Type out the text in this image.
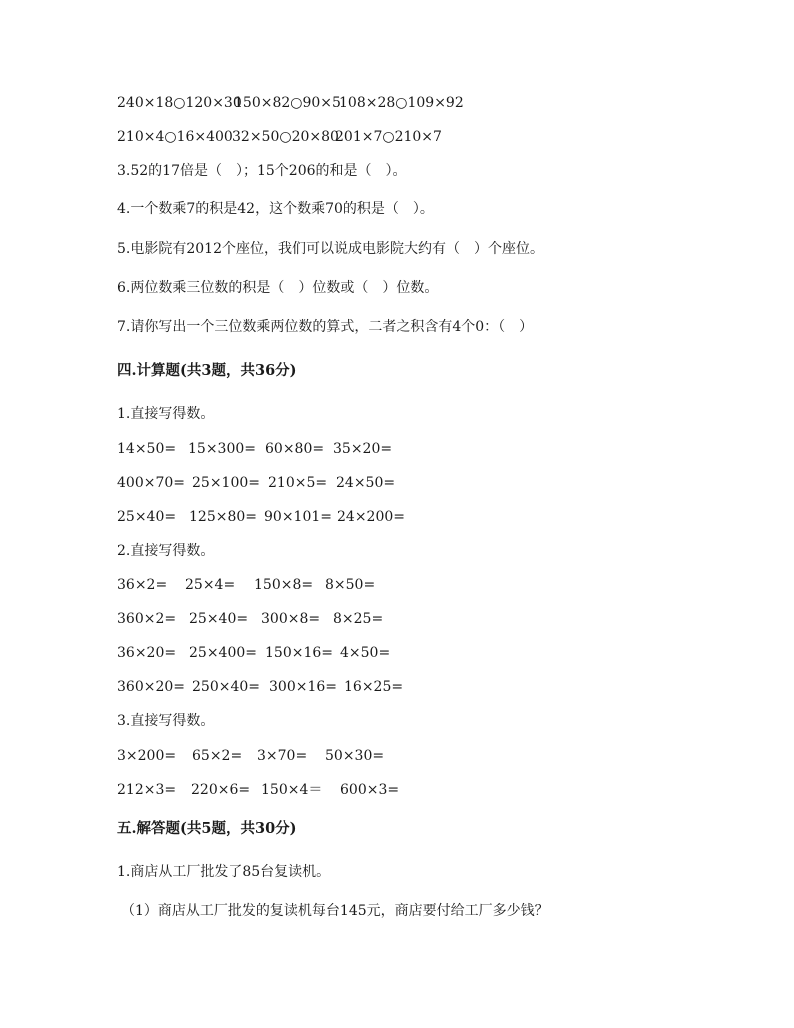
240×18○120×30

150×82○90×5

108×28○109×92

210×4○16×400

32×50○20×80

201×7○210×7

3.52的17倍是（　）；15个206的和是（　）。
4.一个数乘7的积是42，这个数乘70的积是（　）。
5.电影院有2012个座位，我们可以说成电影院大约有（　）个座位。
6.两位数乘三位数的积是（　）位数或（　）位数。
7.请你写出一个三位数乘两位数的算式，二者之积含有4个0：（　）
四.计算题(共3题，共36分)
1.直接写得数。

14×50=

15×300=

60×80=

35×20=

400×70=

25×100=

210×5=

24×50=

25×40=

125×80=

90×101=

24×200=

2.直接写得数。

36×2=

25×4=

150×8=

8×50=

360×2=

25×40=

300×8=

8×25=

36×20=

25×400=

150×16=

4×50=

360×20=

250×40=

300×16=

16×25=

3.直接写得数。

3×200=

65×2=

3×70=

50×30=

212×3=

220×6=

150×4＝

600×3=

五.解答题(共5题，共30分)
1.商店从工厂批发了85台复读机。
（1）商店从工厂批发的复读机每台145元，商店要付给工厂多少钱？
